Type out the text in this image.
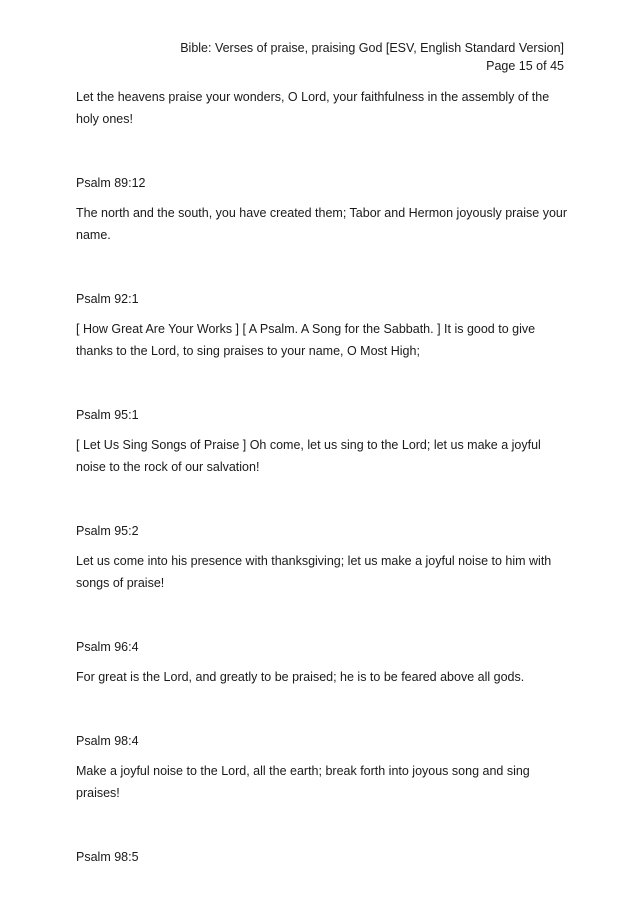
Bible: Verses of praise, praising God [ESV, English Standard Version]
Page 15 of 45

Let the heavens praise your wonders, O Lord, your faithfulness in the assembly of the holy ones!

Psalm 89:12

The north and the south, you have created them; Tabor and Hermon joyously praise your name.

Psalm 92:1

[ How Great Are Your Works ] [ A Psalm. A Song for the Sabbath. ] It is good to give thanks to the Lord, to sing praises to your name, O Most High;

Psalm 95:1

[ Let Us Sing Songs of Praise ] Oh come, let us sing to the Lord; let us make a joyful noise to the rock of our salvation!

Psalm 95:2

Let us come into his presence with thanksgiving; let us make a joyful noise to him with songs of praise!

Psalm 96:4

For great is the Lord, and greatly to be praised; he is to be feared above all gods.

Psalm 98:4

Make a joyful noise to the Lord, all the earth; break forth into joyous song and sing praises!

Psalm 98:5
